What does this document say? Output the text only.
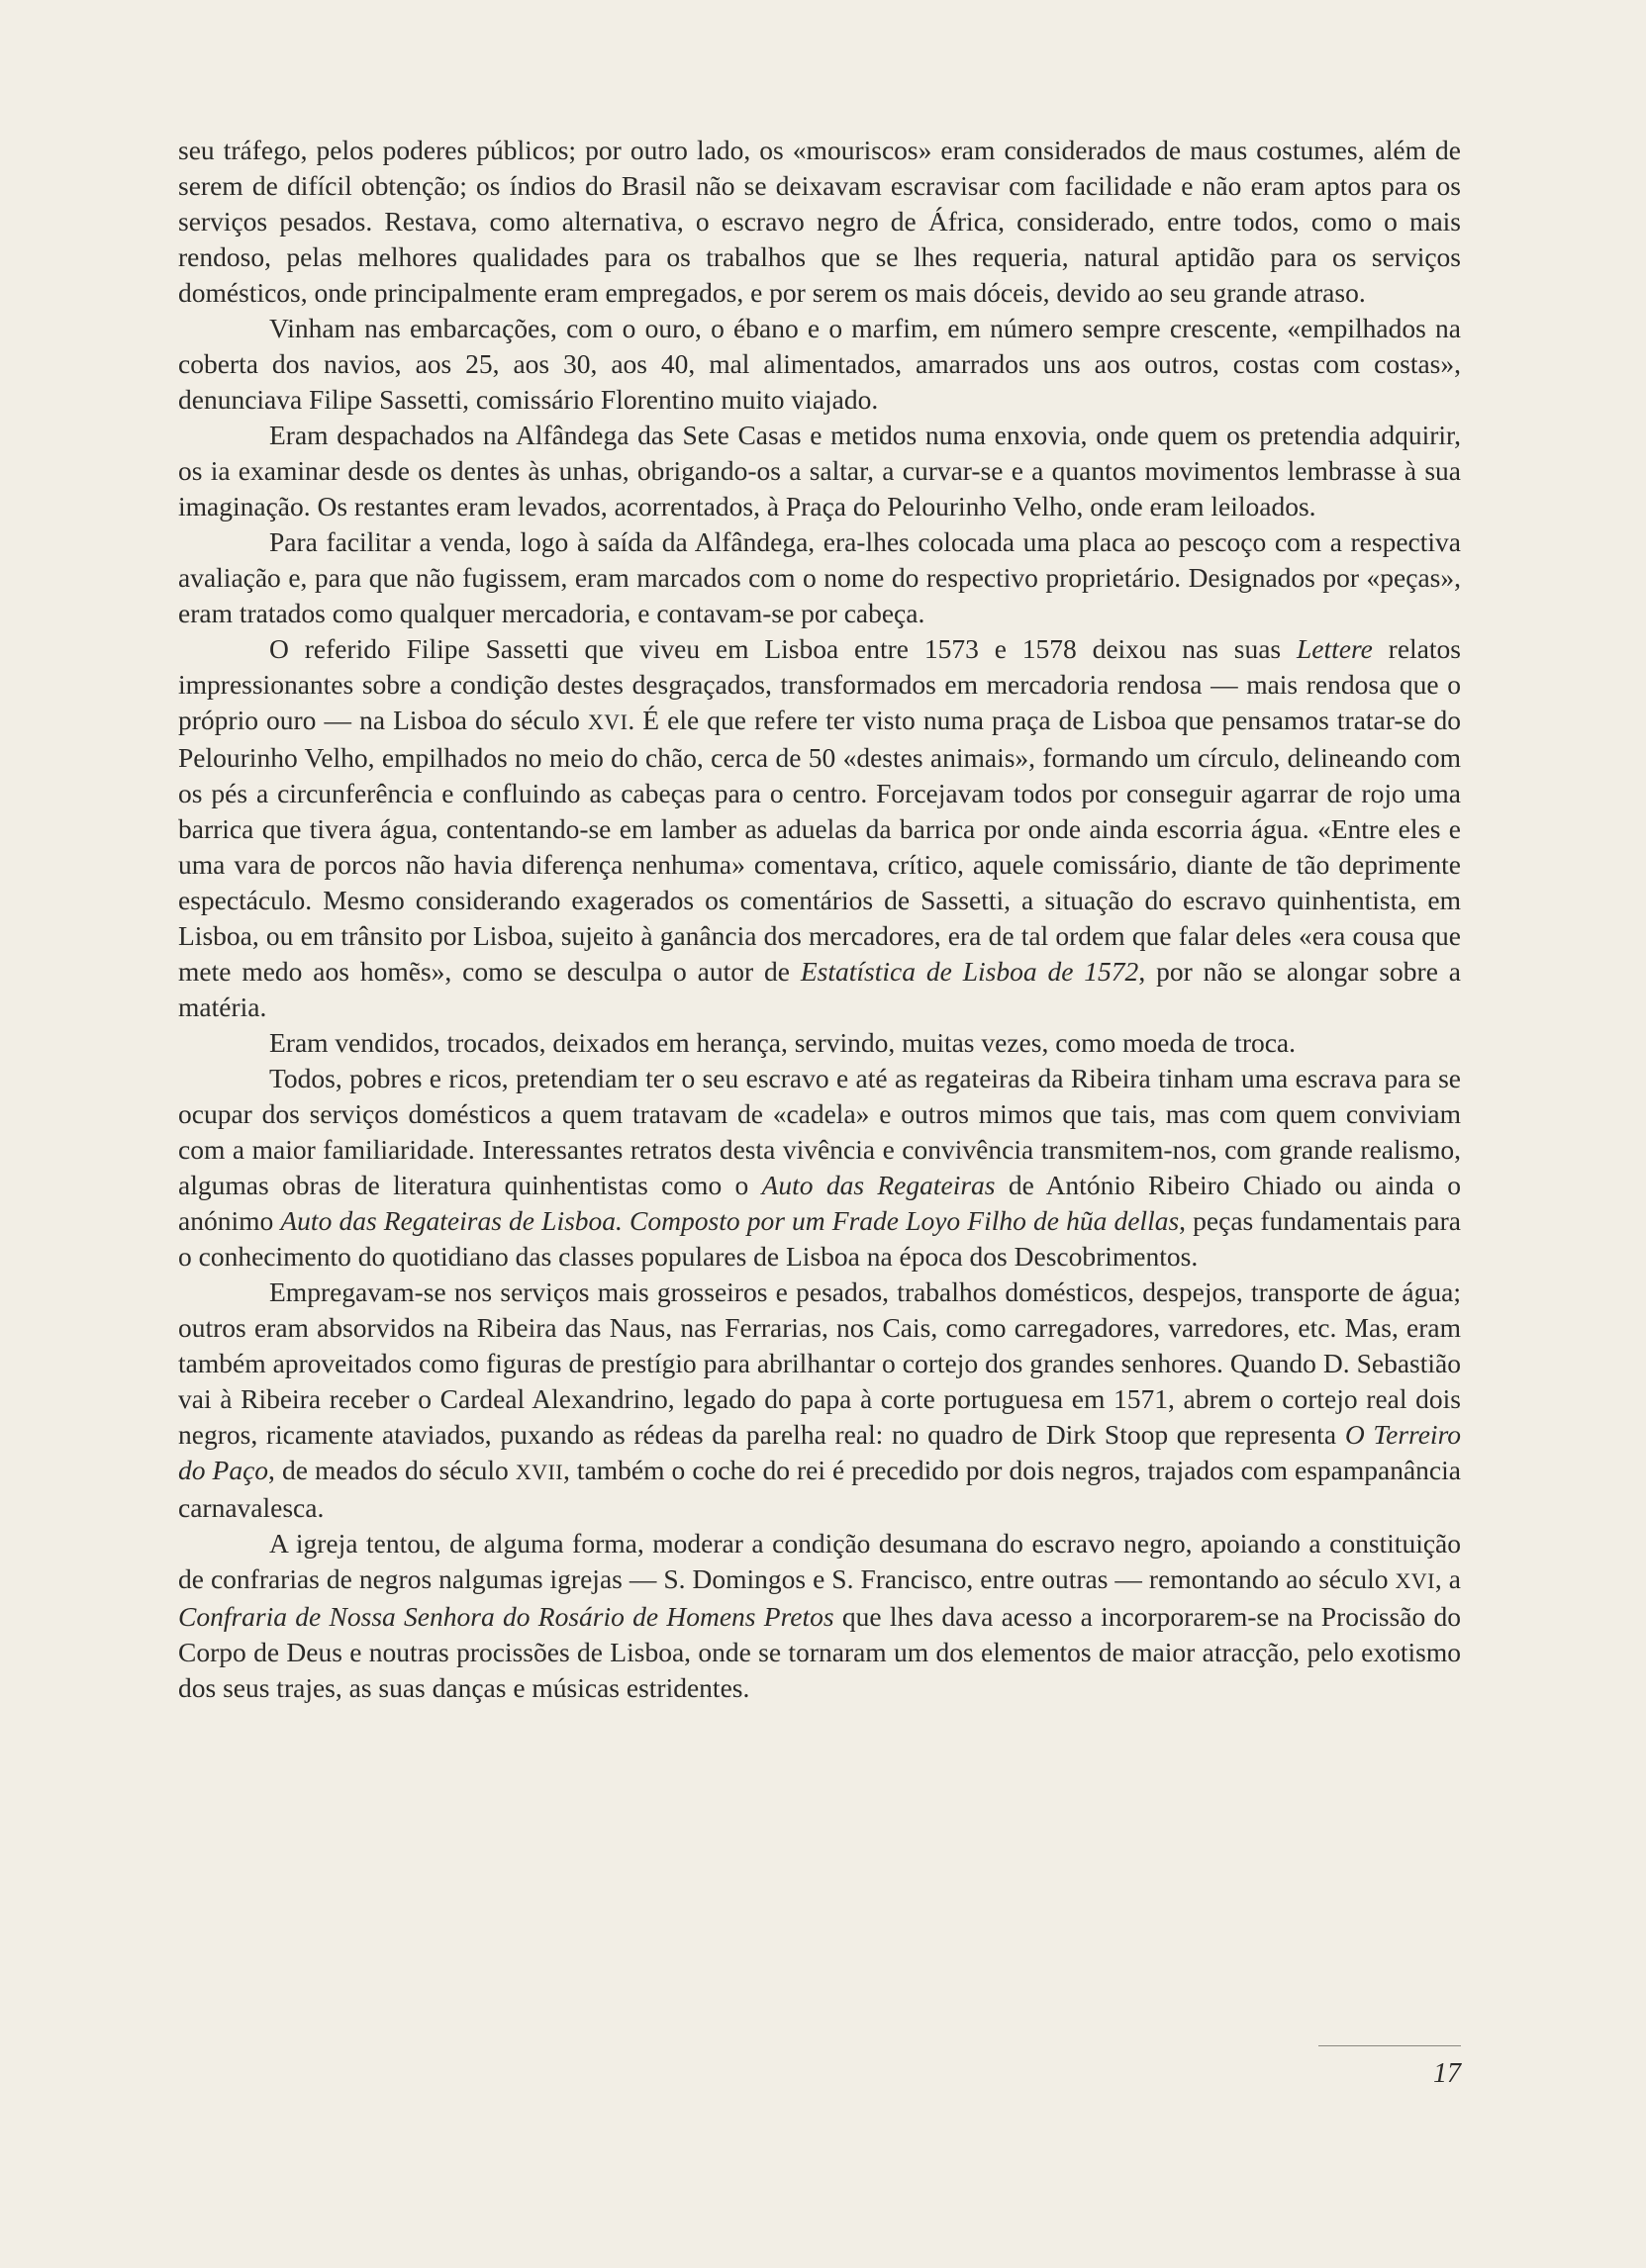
seu tráfego, pelos poderes públicos; por outro lado, os «mouriscos» eram considerados de maus costumes, além de serem de difícil obtenção; os índios do Brasil não se deixavam escravisar com facilidade e não eram aptos para os serviços pesados. Restava, como alternativa, o escravo negro de África, considerado, entre todos, como o mais rendoso, pelas melhores qualidades para os trabalhos que se lhes requeria, natural aptidão para os serviços domésticos, onde principalmente eram empregados, e por serem os mais dóceis, devido ao seu grande atraso.

Vinham nas embarcações, com o ouro, o ébano e o marfim, em número sempre crescente, «empilhados na coberta dos navios, aos 25, aos 30, aos 40, mal alimentados, amarrados uns aos outros, costas com costas», denunciava Filipe Sassetti, comissário Florentino muito viajado.

Eram despachados na Alfândega das Sete Casas e metidos numa enxovia, onde quem os pretendia adquirir, os ia examinar desde os dentes às unhas, obrigando-os a saltar, a curvar-se e a quantos movimentos lembrasse à sua imaginação. Os restantes eram levados, acorrentados, à Praça do Pelourinho Velho, onde eram leiloados.

Para facilitar a venda, logo à saída da Alfândega, era-lhes colocada uma placa ao pescoço com a respectiva avaliação e, para que não fugissem, eram marcados com o nome do respectivo proprietário. Designados por «peças», eram tratados como qualquer mercadoria, e contavam-se por cabeça.

O referido Filipe Sassetti que viveu em Lisboa entre 1573 e 1578 deixou nas suas Lettere relatos impressionantes sobre a condição destes desgraçados, transformados em mercadoria rendosa — mais rendosa que o próprio ouro — na Lisboa do século XVI. É ele que refere ter visto numa praça de Lisboa que pensamos tratar-se do Pelourinho Velho, empilhados no meio do chão, cerca de 50 «destes animais», formando um círculo, delineando com os pés a circunferência e confluindo as cabeças para o centro. Forcejavam todos por conseguir agarrar de rojo uma barrica que tivera água, contentando-se em lamber as aduelas da barrica por onde ainda escorria água. «Entre eles e uma vara de porcos não havia diferença nenhuma» comentava, crítico, aquele comissário, diante de tão deprimente espectáculo. Mesmo considerando exagerados os comentários de Sassetti, a situação do escravo quinhentista, em Lisboa, ou em trânsito por Lisboa, sujeito à ganância dos mercadores, era de tal ordem que falar deles «era cousa que mete medo aos homẽs», como se desculpa o autor de Estatística de Lisboa de 1572, por não se alongar sobre a matéria.

Eram vendidos, trocados, deixados em herança, servindo, muitas vezes, como moeda de troca.

Todos, pobres e ricos, pretendiam ter o seu escravo e até as regateiras da Ribeira tinham uma escrava para se ocupar dos serviços domésticos a quem tratavam de «cadela» e outros mimos que tais, mas com quem conviviam com a maior familiaridade. Interessantes retratos desta vivência e convivência transmitem-nos, com grande realismo, algumas obras de literatura quinhentistas como o Auto das Regateiras de António Ribeiro Chiado ou ainda o anónimo Auto das Regateiras de Lisboa. Composto por um Frade Loyo Filho de hũa dellas, peças fundamentais para o conhecimento do quotidiano das classes populares de Lisboa na época dos Descobrimentos.

Empregavam-se nos serviços mais grosseiros e pesados, trabalhos domésticos, despejos, transporte de água; outros eram absorvidos na Ribeira das Naus, nas Ferrarias, nos Cais, como carregadores, varredores, etc. Mas, eram também aproveitados como figuras de prestígio para abrilhantar o cortejo dos grandes senhores. Quando D. Sebastião vai à Ribeira receber o Cardeal Alexandrino, legado do papa à corte portuguesa em 1571, abrem o cortejo real dois negros, ricamente ataviados, puxando as rédeas da parelha real: no quadro de Dirk Stoop que representa O Terreiro do Paço, de meados do século XVII, também o coche do rei é precedido por dois negros, trajados com espampanância carnavalesca.

A igreja tentou, de alguma forma, moderar a condição desumana do escravo negro, apoiando a constituição de confrarias de negros nalgumas igrejas — S. Domingos e S. Francisco, entre outras — remontando ao século XVI, a Confraria de Nossa Senhora do Rosário de Homens Pretos que lhes dava acesso a incorporarem-se na Procissão do Corpo de Deus e noutras procissões de Lisboa, onde se tornaram um dos elementos de maior atracção, pelo exotismo dos seus trajes, as suas danças e músicas estridentes.

17
